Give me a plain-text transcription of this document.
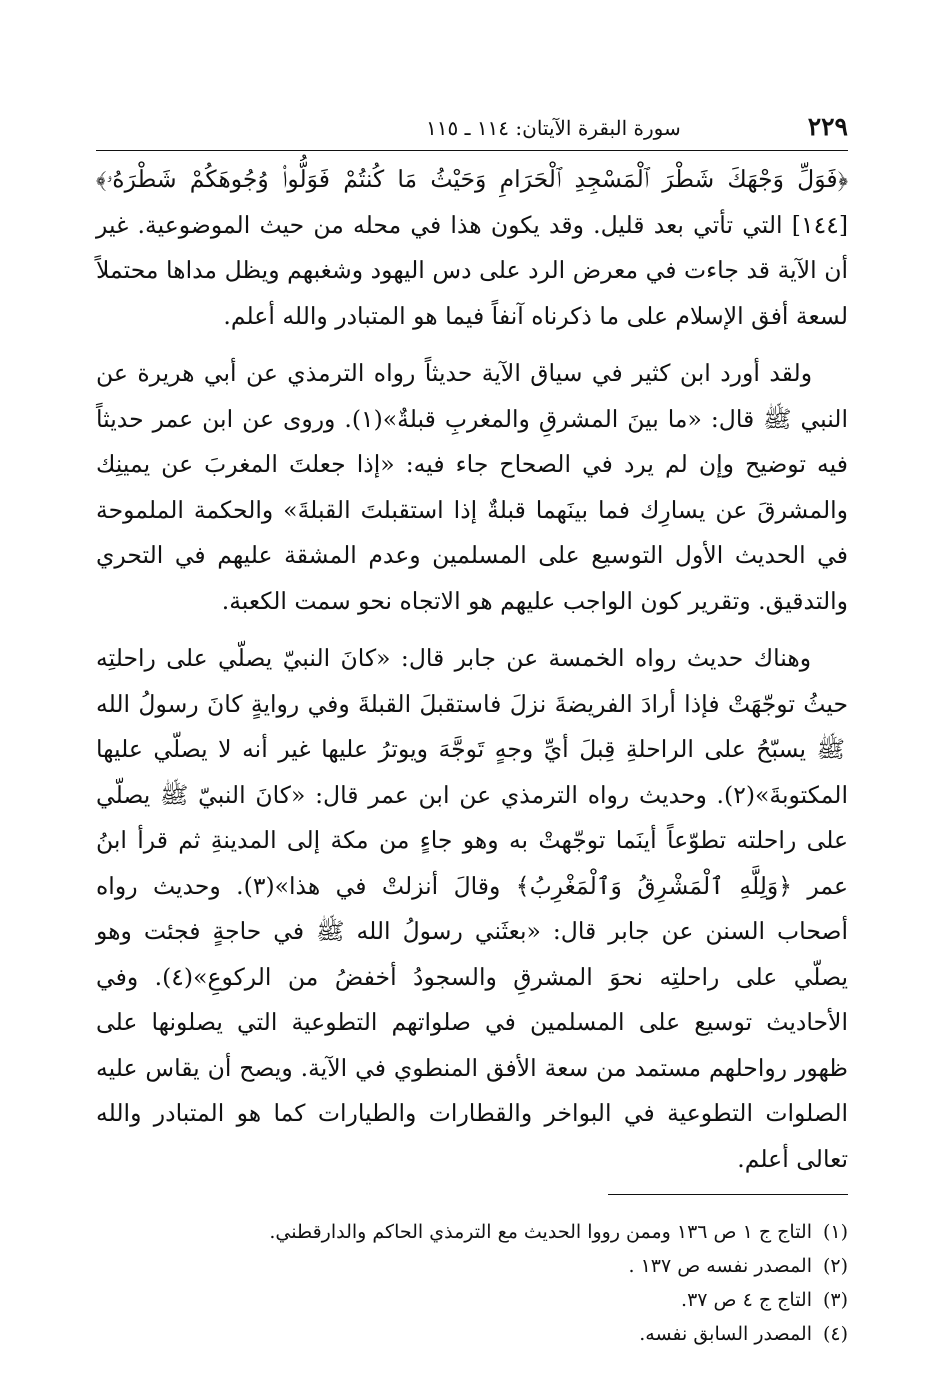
٢٢٩
سورة البقرة الآيتان: ١١٤ ـ ١١٥

﴿فَوَلِّ وَجْهَكَ شَطْرَ ٱلْمَسْجِدِ ٱلْحَرَامِ وَحَيْثُ مَا كُنتُمْ فَوَلُّوا۟ وُجُوهَكُمْ شَطْرَهُۥ﴾ [١٤٤] التي تأتي بعد قليل. وقد يكون هذا في محله من حيث الموضوعية. غير أن الآية قد جاءت في معرض الرد على دس اليهود وشغبهم ويظل مداها محتملاً لسعة أفق الإسلام على ما ذكرناه آنفاً فيما هو المتبادر والله أعلم.

ولقد أورد ابن كثير في سياق الآية حديثاً رواه الترمذي عن أبي هريرة عن النبي ﷺ قال: «ما بينَ المشرقِ والمغربِ قبلةٌ»(١). وروى عن ابن عمر حديثاً فيه توضيح وإن لم يرد في الصحاح جاء فيه: «إذا جعلتَ المغربَ عن يمينِك والمشرقَ عن يسارِك فما بينَهما قبلةٌ إذا استقبلتَ القبلةَ» والحكمة الملموحة في الحديث الأول التوسيع على المسلمين وعدم المشقة عليهم في التحري والتدقيق. وتقرير كون الواجب عليهم هو الاتجاه نحو سمت الكعبة.

وهناك حديث رواه الخمسة عن جابر قال: «كانَ النبيّ يصلّي على راحلتِه حيثُ توجّهَتْ فإذا أرادَ الفريضةَ نزلَ فاستقبلَ القبلةَ وفي روايةٍ كانَ رسولُ الله ﷺ يسبّحُ على الراحلةِ قِبلَ أيِّ وجهٍ تَوجَّهَ ويوترُ عليها غير أنه لا يصلّي عليها المكتوبةَ»(٢). وحديث رواه الترمذي عن ابن عمر قال: «كانَ النبيّ ﷺ يصلّي على راحلته تطوّعاً أينَما توجّهتْ به وهو جاءٍ من مكة إلى المدينةِ ثم قرأ ابنُ عمر ﴿وَلِلَّهِ ٱلْمَشْرِقُ وَٱلْمَغْرِبُ﴾ وقالَ أنزلتْ في هذا»(٣). وحديث رواه أصحاب السنن عن جابر قال: «بعثَني رسولُ الله ﷺ في حاجةٍ فجئت وهو يصلّي على راحلتِه نحوَ المشرقِ والسجودُ أخفضُ من الركوعِ»(٤). وفي الأحاديث توسيع على المسلمين في صلواتهم التطوعية التي يصلونها على ظهور رواحلهم مستمد من سعة الأفق المنطوي في الآية. ويصح أن يقاس عليه الصلوات التطوعية في البواخر والقطارات والطيارات كما هو المتبادر والله تعالى أعلم.

(١)
التاج ج ١ ص ١٣٦ وممن رووا الحديث مع الترمذي الحاكم والدارقطني.
(٢)
المصدر نفسه ص ١٣٧ .
(٣)
التاج ج ٤ ص ٣٧.
(٤)
المصدر السابق نفسه.
